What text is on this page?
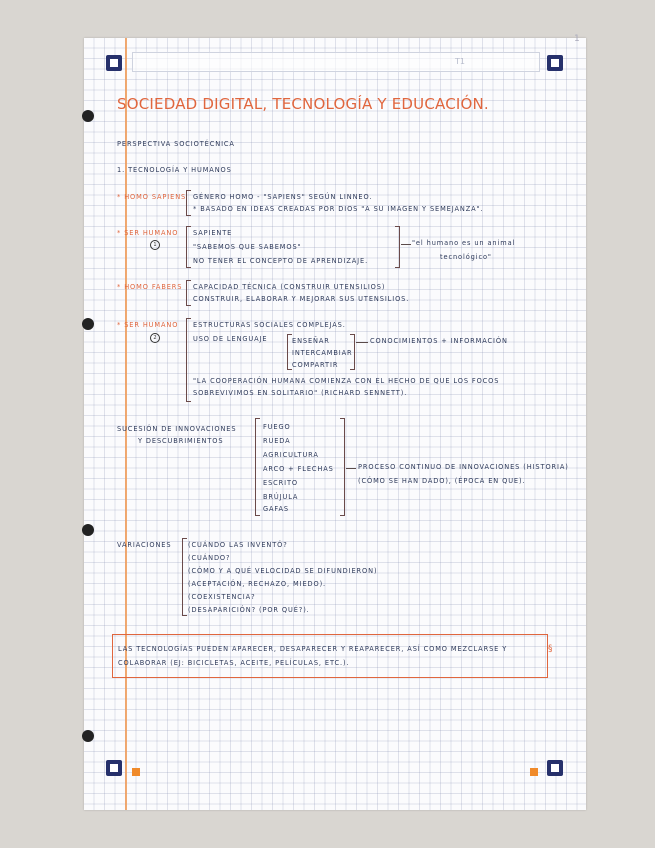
1
T1
SOCIEDAD DIGITAL, TECNOLOGÍA Y EDUCACIÓN.
PERSPECTIVA SOCIOTÉCNICA
1. TECNOLOGÍA Y HUMANOS
* HOMO SAPIENS GÉNERO HOMO - "SAPIENS" SEGÚN LINNEO.
* BASADO EN IDEAS CREADAS POR DIOS "A SU IMAGEN Y SEMEJANZA".
* SER HUMANO
1
SAPIENTE
"SABEMOS QUE SABEMOS"
NO TENER EL CONCEPTO DE APRENDIZAJE.
"el humano es un animal
tecnológico"
* HOMO FABERS CAPACIDAD TÉCNICA (CONSTRUIR UTENSILIOS)
CONSTRUIR, ELABORAR Y MEJORAR SUS UTENSILIOS.
* SER HUMANO
2
ESTRUCTURAS SOCIALES COMPLEJAS.
USO DE LENGUAJE	ENSEÑAR
INTERCAMBIAR
COMPARTIR
CONOCIMIENTOS + INFORMACIÓN
"LA COOPERACIÓN HUMANA COMIENZA CON EL HECHO DE QUE LOS FOCOS
SOBREVIVIMOS EN SOLITARIO" (RICHARD SENNETT).
SUCESIÓN DE INNOVACIONES
Y DESCUBRIMIENTOS
FUEGO
RUEDA
AGRICULTURA
ARCO + FLECHAS
ESCRITO
BRÚJULA
GAFAS
PROCESO CONTINUO DE INNOVACIONES (HISTORIA)
(CÓMO SE HAN DADO), (ÉPOCA EN QUE).
VARIACIONES	(CUÁNDO LAS INVENTÓ?
(CUÁNDO?
(CÓMO Y A QUÉ VELOCIDAD SE DIFUNDIERON)
(ACEPTACIÓN, RECHAZO, MIEDO).
(COEXISTENCIA?
(DESAPARICIÓN? (POR QUÉ?).
LAS TECNOLOGÍAS PUEDEN APARECER, DESAPARECER Y REAPARECER, ASÍ COMO MEZCLARSE Y
COLABORAR (EJ: BICICLETAS, ACEITE, PELÍCULAS, ETC.).
§
